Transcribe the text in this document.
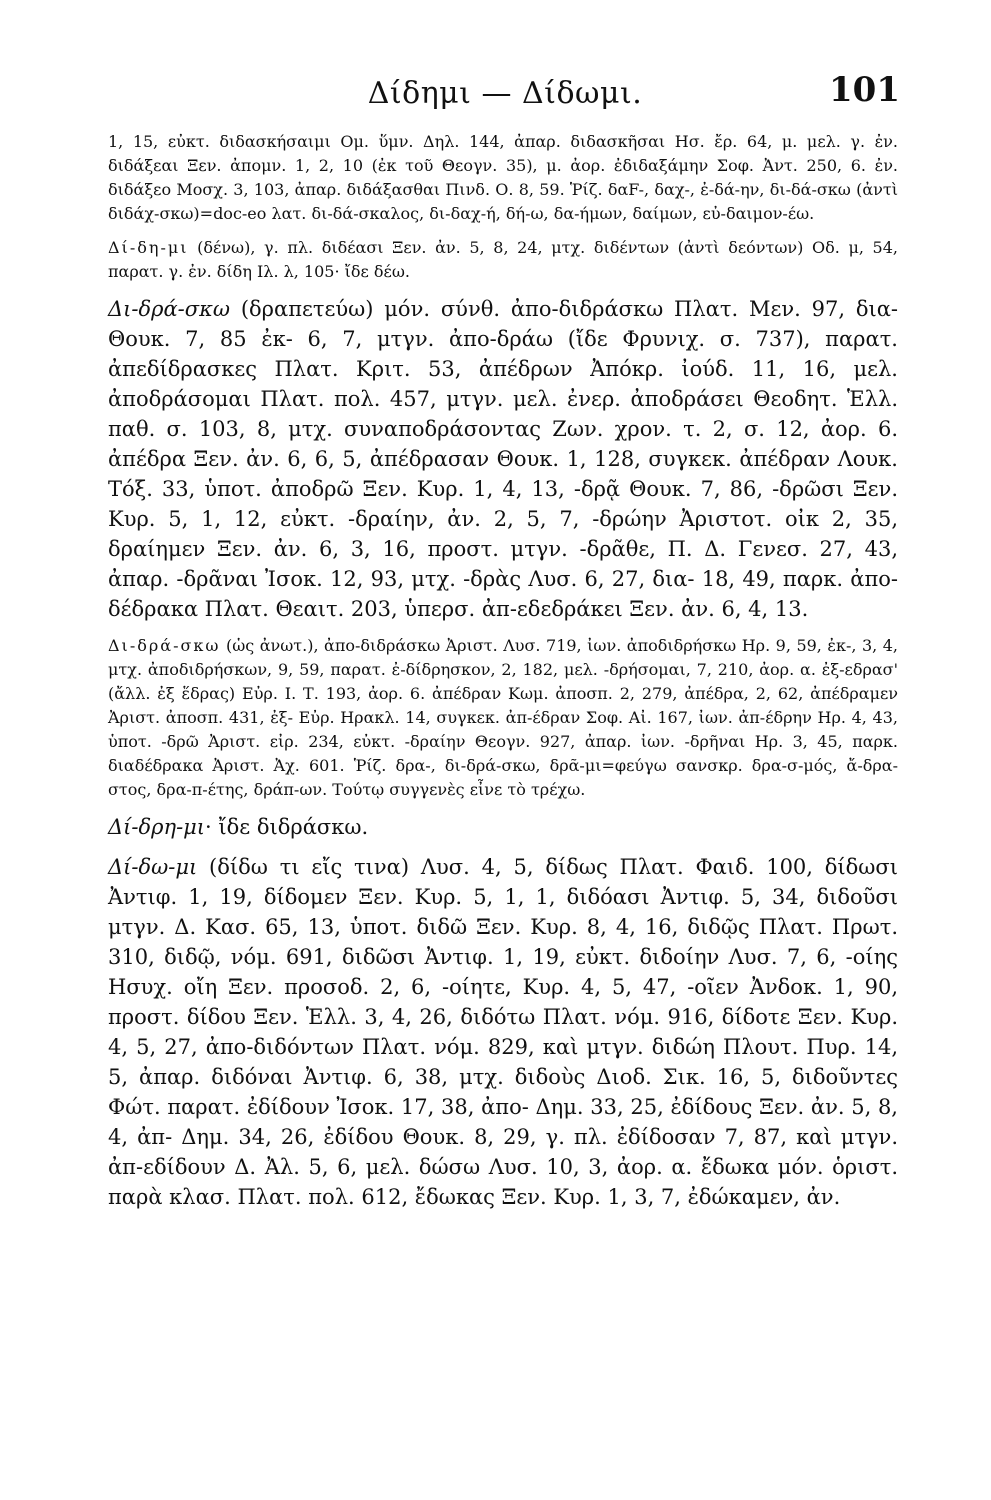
Δίδημι — Δίδωμι.	101

1, 15, εὐκτ. διδασκήσαιμι Ομ. ὕμν. Δηλ. 144, ἀπαρ. διδασκῆσαι Ησ. ἔρ. 64, μ. μελ. γ. ἐν. διδάξεαι Ξεν. ἀπομν. 1, 2, 10 (ἐκ τοῦ Θεογν. 35), μ. ἀορ. ἐδιδαξάμην Σοφ. Ἀντ. 250, 6. ἐν. διδάξεο Μοσχ. 3, 103, ἀπαρ. διδάξασθαι Πινδ. Ο. 8, 59. Ῥίζ. δαF-, δαχ-, ἐ-δά-ην, δι-δά-σκω (ἀντὶ διδάχ-σκω)=doc-eo λατ. δι-δά-σκαλος, δι-δαχ-ή, δή-ω, δα-ήμων, δαίμων, εὐ-δαιμον-έω.

Δί-δη-μι (δένω), γ. πλ. διδέασι Ξεν. ἀν. 5, 8, 24, μτχ. διδέντων (ἀντὶ δεόντων) Οδ. μ, 54, παρατ. γ. ἐν. δίδη Ιλ. λ, 105· ἴδε δέω.

Δι-δρά-σκω (δραπετεύω) μόν. σύνθ. ἀπο-διδράσκω Πλατ. Μεν. 97, δια- Θουκ. 7, 85 ἐκ- 6, 7, μτγν. ἀπο-δράω (ἴδε Φρυνιχ. σ. 737), παρατ. ἀπεδίδρασκες Πλατ. Κριτ. 53, ἀπέδρων Ἀπόκρ. ἰούδ. 11, 16, μελ. ἀποδράσομαι Πλατ. πολ. 457, μτγν. μελ. ἐνερ. ἀποδράσει Θεοδητ. Ἑλλ. παθ. σ. 103, 8, μτχ. συναποδράσοντας Ζων. χρον. τ. 2, σ. 12, ἀορ. 6. ἀπέδρα Ξεν. ἀν. 6, 6, 5, ἀπέδρασαν Θουκ. 1, 128, συγκεκ. ἀπέδραν Λουκ. Τόξ. 33, ὑποτ. ἀποδρῶ Ξεν. Κυρ. 1, 4, 13, -δρᾷ Θουκ. 7, 86, -δρῶσι Ξεν. Κυρ. 5, 1, 12, εὐκτ. -δραίην, ἀν. 2, 5, 7, -δρώην Ἀριστοτ. οἰκ 2, 35, δραίημεν Ξεν. ἀν. 6, 3, 16, προστ. μτγν. -δρᾶθε, Π. Δ. Γενεσ. 27, 43, ἀπαρ. -δρᾶναι Ἰσοκ. 12, 93, μτχ. -δρὰς Λυσ. 6, 27, δια- 18, 49, παρκ. ἀπο-δέδρακα Πλατ. Θεαιτ. 203, ὑπερσ. ἀπ-εδεδράκει Ξεν. ἀν. 6, 4, 13.

Δι-δρά-σκω (ὡς ἀνωτ.), ἀπο-διδράσκω Ἀριστ. Λυσ. 719, ἰων. ἀποδιδρήσκω Ηρ. 9, 59, ἐκ-, 3, 4, μτχ. ἀποδιδρήσκων, 9, 59, παρατ. ἐ-δίδρησκον, 2, 182, μελ. -δρήσομαι, 7, 210, ἀορ. α. ἐξ-εδρασ' (ἄλλ. ἐξ ἕδρας) Εὐρ. Ι. Τ. 193, ἀορ. 6. ἀπέδραν Κωμ. ἀποσπ. 2, 279, ἀπέδρα, 2, 62, ἀπέδραμεν Ἀριστ. ἀποσπ. 431, ἐξ- Εὐρ. Ηρακλ. 14, συγκεκ. ἀπ-έδραν Σοφ. Αἰ. 167, ἰων. ἀπ-έδρην Ηρ. 4, 43, ὑποτ. -δρῶ Ἀριστ. εἰρ. 234, εὐκτ. -δραίην Θεογν. 927, ἀπαρ. ἰων. -δρῆναι Ηρ. 3, 45, παρκ. διαδέδρακα Ἀριστ. Ἀχ. 601. Ῥίζ. δρα-, δι-δρά-σκω, δρᾶ-μι=φεύγω σανσκρ. δρα-σ-μός, ἄ-δρα-στος, δρα-π-έτης, δράπ-ων. Τούτῳ συγγενὲς εἶνε τὸ τρέχω.

Δί-δρη-μι· ἴδε διδράσκω.

Δί-δω-μι (δίδω τι εἴς τινα) Λυσ. 4, 5, δίδως Πλατ. Φαιδ. 100, δίδωσι Ἀντιφ. 1, 19, δίδομεν Ξεν. Κυρ. 5, 1, 1, διδόασι Ἀντιφ. 5, 34, διδοῦσι μτγν. Δ. Κασ. 65, 13, ὑποτ. διδῶ Ξεν. Κυρ. 8, 4, 16, διδῷς Πλατ. Πρωτ. 310, διδῷ, νόμ. 691, διδῶσι Ἀντιφ. 1, 19, εὐκτ. διδοίην Λυσ. 7, 6, -οίης Ησυχ. οἴη Ξεν. προσοδ. 2, 6, -οίητε, Κυρ. 4, 5, 47, -οῖεν Ἀνδοκ. 1, 90, προστ. δίδου Ξεν. Ἑλλ. 3, 4, 26, διδότω Πλατ. νόμ. 916, δίδοτε Ξεν. Κυρ. 4, 5, 27, ἀπο-διδόντων Πλατ. νόμ. 829, καὶ μτγν. διδώη Πλουτ. Πυρ. 14, 5, ἀπαρ. διδόναι Ἀντιφ. 6, 38, μτχ. διδοὺς Διοδ. Σικ. 16, 5, διδοῦντες Φώτ. παρατ. ἐδίδουν Ἰσοκ. 17, 38, ἀπο- Δημ. 33, 25, ἐδίδους Ξεν. ἀν. 5, 8, 4, ἀπ- Δημ. 34, 26, ἐδίδου Θουκ. 8, 29, γ. πλ. ἐδίδοσαν 7, 87, καὶ μτγν. ἀπ-εδίδουν Δ. Ἀλ. 5, 6, μελ. δώσω Λυσ. 10, 3, ἀορ. α. ἔδωκα μόν. ὁριστ. παρὰ κλασ. Πλατ. πολ. 612, ἔδωκας Ξεν. Κυρ. 1, 3, 7, ἐδώκαμεν, ἀν.
